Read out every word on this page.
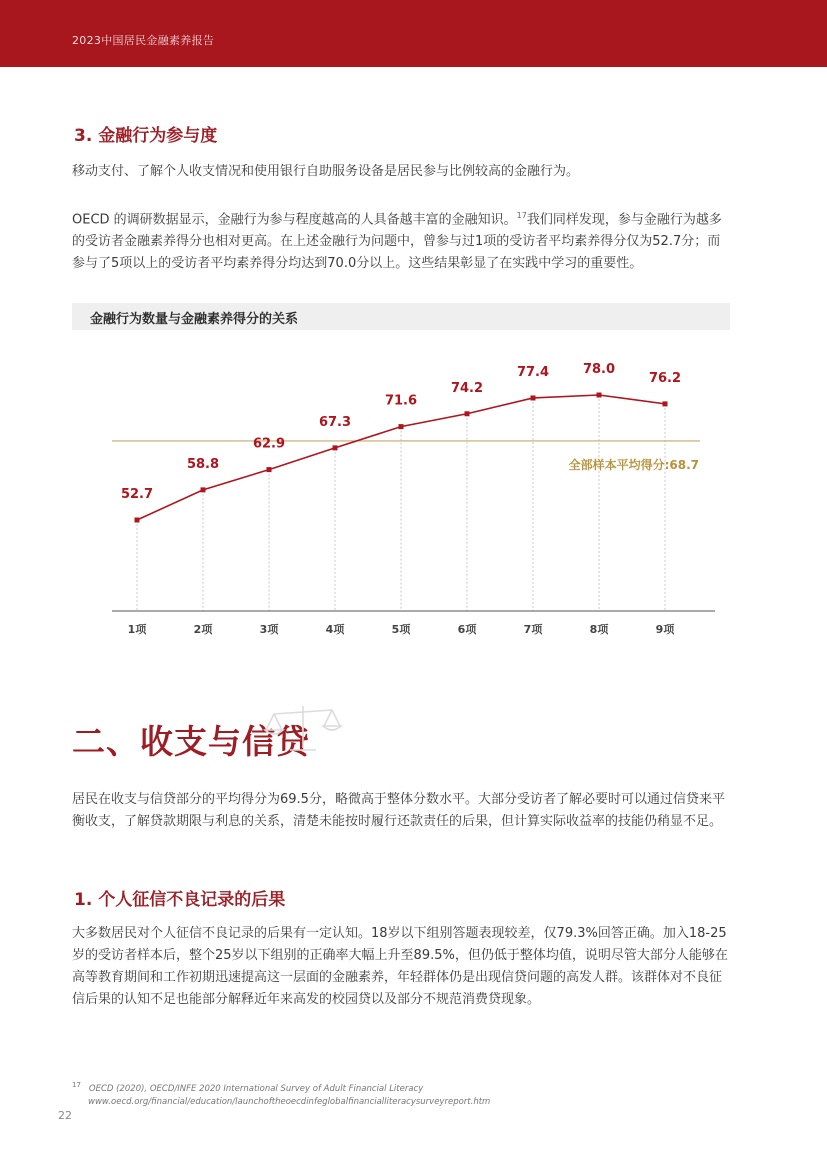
2023中国居民金融素养报告
3. 金融行为参与度

移动支付、了解个人收支情况和使用银行自助服务设备是居民参与比例较高的金融行为。

OECD 的调研数据显示，金融行为参与程度越高的人具备越丰富的金融知识。$^{17}$我们同样发现，参与金融行为越多的受访者金融素养得分也相对更高。在上述金融行为问题中，曾参与过1项的受访者平均素养得分仅为52.7分；而参与了5项以上的受访者平均素养得分均达到70.0分以上。这些结果彰显了在实践中学习的重要性。

金融行为数量与金融素养得分的关系
全部样本平均得分:68.7
52.7
1项
58.8
2项
62.9
3项
67.3
4项
71.6
5项
74.2
6项
77.4
7项
78.0
8项
76.2
9项
二、收支与信贷

居民在收支与信贷部分的平均得分为69.5分，略微高于整体分数水平。大部分受访者了解必要时可以通过信贷来平衡收支，了解贷款期限与利息的关系，清楚未能按时履行还款责任的后果，但计算实际收益率的技能仍稍显不足。

1. 个人征信不良记录的后果

大多数居民对个人征信不良记录的后果有一定认知。18岁以下组别答题表现较差，仅79.3%回答正确。加入18-25岁的受访者样本后，整个25岁以下组别的正确率大幅上升至89.5%，但仍低于整体均值，说明尽管大部分人能够在高等教育期间和工作初期迅速提高这一层面的金融素养，年轻群体仍是出现信贷问题的高发人群。该群体对不良征信后果的认知不足也能部分解释近年来高发的校园贷以及部分不规范消费贷现象。

$^{17}$ OECD (2020), OECD/INFE 2020 International Survey of Adult Financial Literacy
www.oecd.org/financial/education/launchoftheoecdinfeglobalfinancialliteracysurveyreport.htm
22
